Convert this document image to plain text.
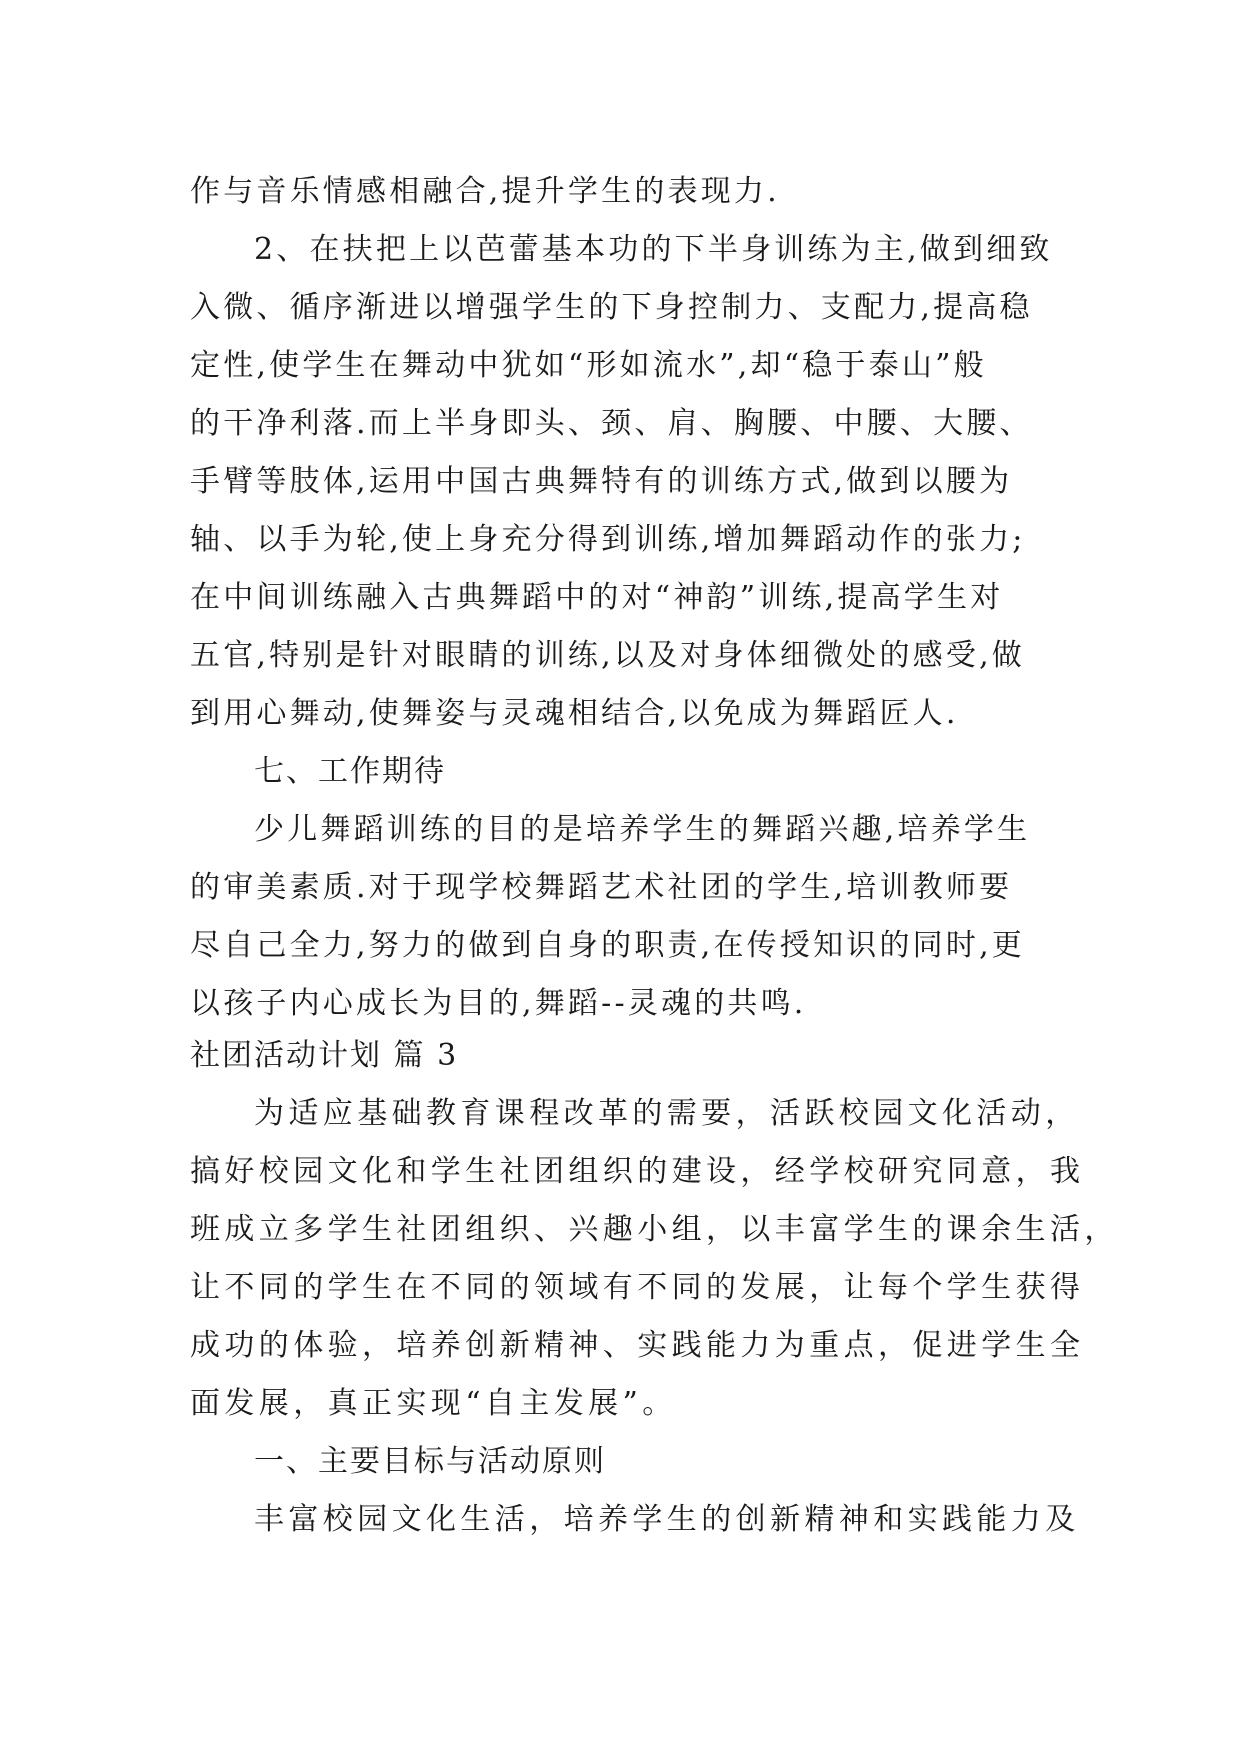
作与音乐情感相融合,提升学生的表现力.
2、在扶把上以芭蕾基本功的下半身训练为主,做到细致
入微、循序渐进以增强学生的下身控制力、支配力,提高稳
定性,使学生在舞动中犹如“形如流水”,却“稳于泰山”般
的干净利落.而上半身即头、颈、肩、胸腰、中腰、大腰、
手臂等肢体,运用中国古典舞特有的训练方式,做到以腰为
轴、以手为轮,使上身充分得到训练,增加舞蹈动作的张力;
在中间训练融入古典舞蹈中的对“神韵”训练,提高学生对
五官,特别是针对眼睛的训练,以及对身体细微处的感受,做
到用心舞动,使舞姿与灵魂相结合,以免成为舞蹈匠人.
七、工作期待
少儿舞蹈训练的目的是培养学生的舞蹈兴趣,培养学生
的审美素质.对于现学校舞蹈艺术社团的学生,培训教师要
尽自己全力,努力的做到自身的职责,在传授知识的同时,更
以孩子内心成长为目的,舞蹈--灵魂的共鸣.
社团活动计划 篇 3
为适应基础教育课程改革的需要，活跃校园文化活动，
搞好校园文化和学生社团组织的建设，经学校研究同意，我
班成立多学生社团组织、兴趣小组，以丰富学生的课余生活，
让不同的学生在不同的领域有不同的发展，让每个学生获得
成功的体验，培养创新精神、实践能力为重点，促进学生全
面发展，真正实现“自主发展”。
一、主要目标与活动原则
丰富校园文化生活，培养学生的创新精神和实践能力及
